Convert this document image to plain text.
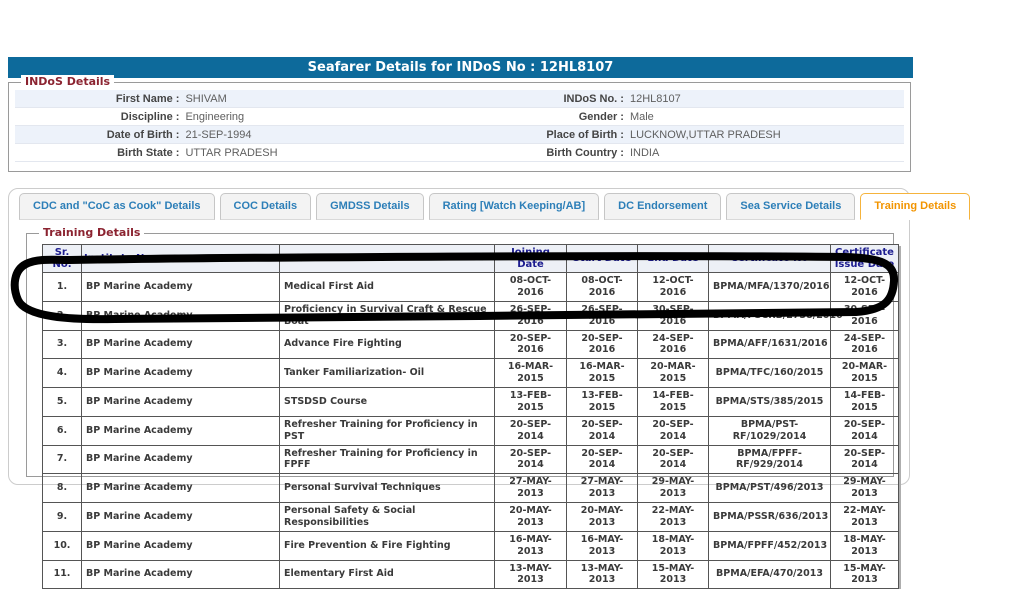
Seafarer Details for INDoS No : 12HL8107
INDoS Details
First Name : SHIVAM	INDoS No. : 12HL8107
Discipline : Engineering	Gender : Male
Date of Birth : 21-SEP-1994	Place of Birth : LUCKNOW,UTTAR PRADESH
Birth State : UTTAR PRADESH	Birth Country : INDIA
CDC and "CoC as Cook" Details	COC Details	GMDSS Details	Rating [Watch Keeping/AB]	DC Endorsement	Sea Service Details	Training Details
Training Details
Sr. No.	Institute Name	Course Name	Joining Date	Start Date	End Date	Certificate No	Certificate Issue Date
1.	BP Marine Academy	Medical First Aid	08-OCT-2016	08-OCT-2016	12-OCT-2016	BPMA/MFA/1370/2016	12-OCT-2016
2.	BP Marine Academy	Proficiency in Survival Craft & Rescue Boat	26-SEP-2016	26-SEP-2016	30-SEP-2016	BPMA/PSCRB/2738/2016	30-SEP-2016
3.	BP Marine Academy	Advance Fire Fighting	20-SEP-2016	20-SEP-2016	24-SEP-2016	BPMA/AFF/1631/2016	24-SEP-2016
4.	BP Marine Academy	Tanker Familiarization- Oil	16-MAR-2015	16-MAR-2015	20-MAR-2015	BPMA/TFC/160/2015	20-MAR-2015
5.	BP Marine Academy	STSDSD Course	13-FEB-2015	13-FEB-2015	14-FEB-2015	BPMA/STS/385/2015	14-FEB-2015
6.	BP Marine Academy	Refresher Training for Proficiency in PST	20-SEP-2014	20-SEP-2014	20-SEP-2014	BPMA/PST-RF/1029/2014	20-SEP-2014
7.	BP Marine Academy	Refresher Training for Proficiency in FPFF	20-SEP-2014	20-SEP-2014	20-SEP-2014	BPMA/FPFF-RF/929/2014	20-SEP-2014
8.	BP Marine Academy	Personal Survival Techniques	27-MAY-2013	27-MAY-2013	29-MAY-2013	BPMA/PST/496/2013	29-MAY-2013
9.	BP Marine Academy	Personal Safety & Social Responsibilities	20-MAY-2013	20-MAY-2013	22-MAY-2013	BPMA/PSSR/636/2013	22-MAY-2013
10.	BP Marine Academy	Fire Prevention & Fire Fighting	16-MAY-2013	16-MAY-2013	18-MAY-2013	BPMA/FPFF/452/2013	18-MAY-2013
11.	BP Marine Academy	Elementary First Aid	13-MAY-2013	13-MAY-2013	15-MAY-2013	BPMA/EFA/470/2013	15-MAY-2013
